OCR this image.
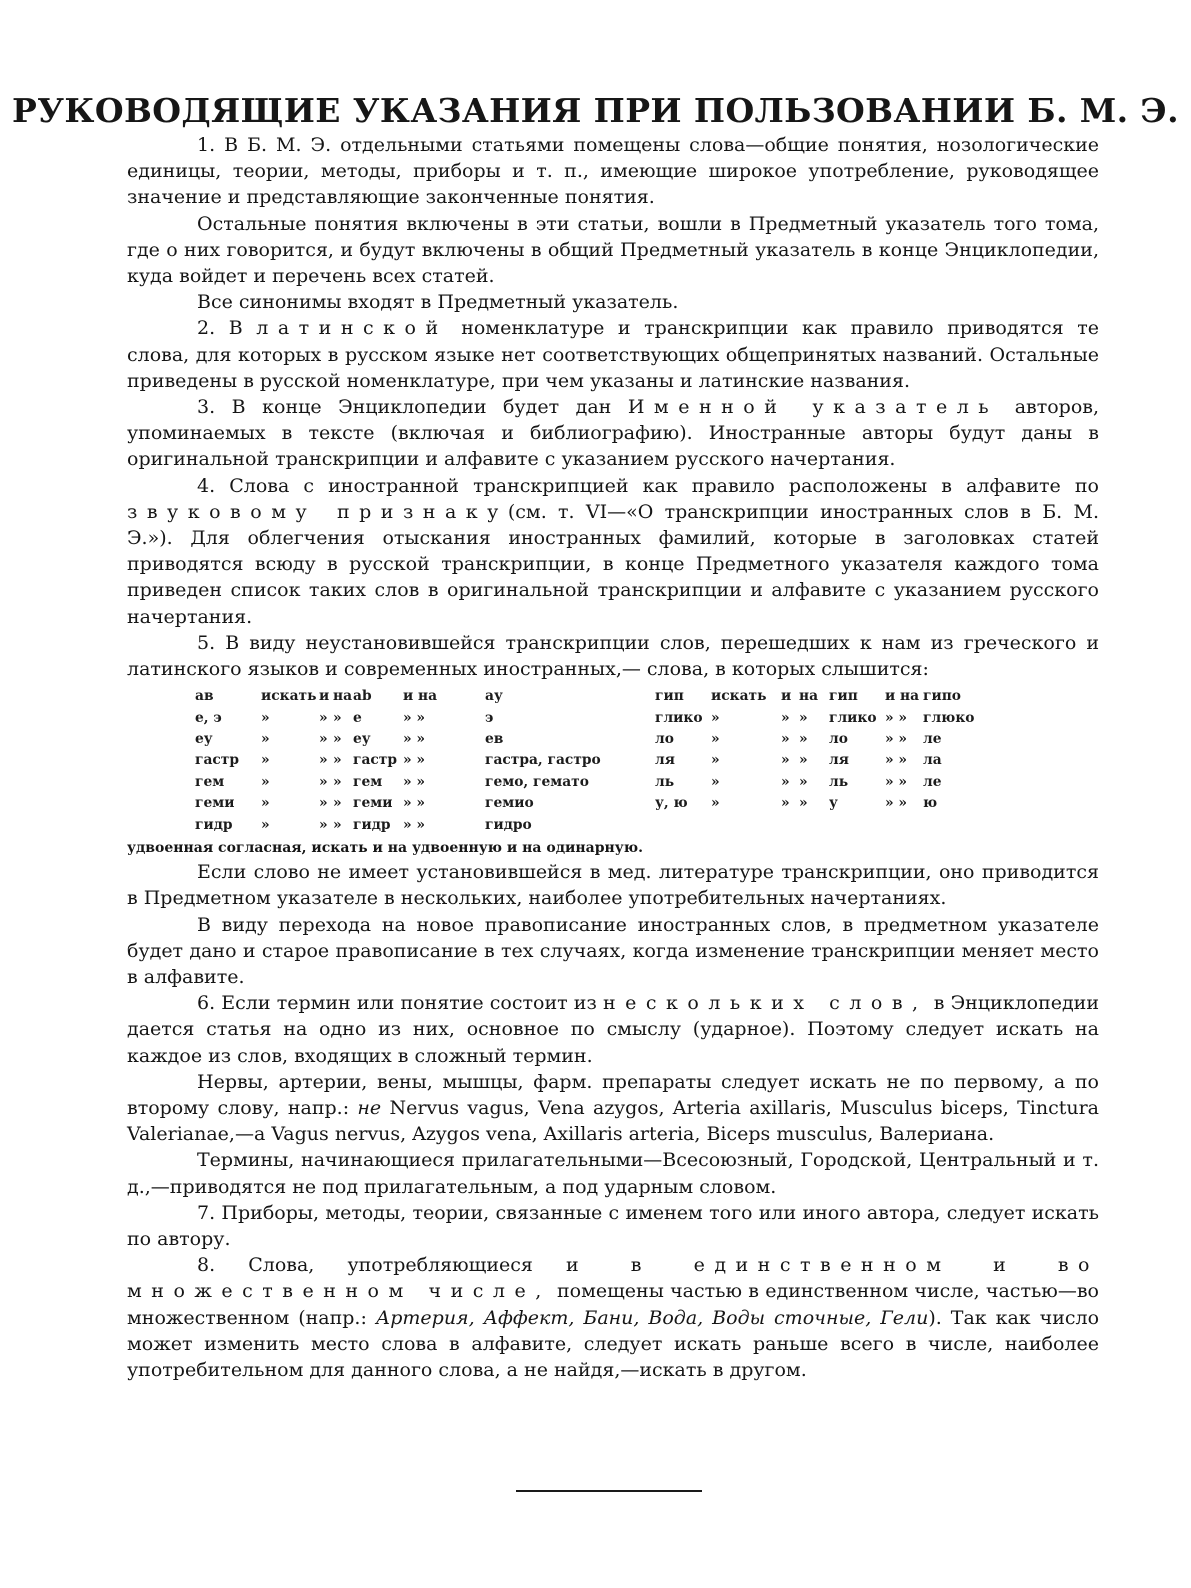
РУКОВОДЯЩИЕ УКАЗАНИЯ ПРИ ПОЛЬЗОВАНИИ Б. М. Э.

1. В Б. М. Э. отдельными статьями помещены слова—общие понятия, нозологические единицы, теории, методы, приборы и т. п., имеющие широкое употребление, руководящее значение и представляющие законченные понятия.

Остальные понятия включены в эти статьи, вошли в Предметный указатель того тома, где о них говорится, и будут включены в общий Предметный указатель в конце Энциклопедии, куда войдет и перечень всех статей.

Все синонимы входят в Предметный указатель.

2. В латинской номенклатуре и транскрипции как правило приводятся те слова, для которых в русском языке нет соответствующих общепринятых названий. Остальные приведены в русской номенклатуре, при чем указаны и латинские названия.

3. В конце Энциклопедии будет дан Именной указатель авторов, упоминаемых в тексте (включая и библиографию). Иностранные авторы будут даны в оригинальной транскрипции и алфавите с указанием русского начертания.

4. Слова с иностранной транскрипцией как правило расположены в алфавите по звуковому признаку(см. т. VI—«О транскрипции иностранных слов в Б. М. Э.»). Для облегчения отыскания иностранных фамилий, которые в заголовках статей приводятся всюду в русской транскрипции, в конце Предметного указателя каждого тома приведен список таких слов в оригинальной транскрипции и алфавите с указанием русского начертания.

5. В виду неустановившейся транскрипции слов, перешедших к нам из греческого и латинского языков и современных иностранных,— слова, в которых слышится:

ав	искать	и	на	аb	и на	ау	гип	искать	и	на	гип	и на	гипо
е, э	»	»	»	е	» »	э	глико	»	»	»	глико	» »	глюко
еу	»	»	»	еу	» »	ев	ло	»	»	»	ло	» »	ле
гастр	»	»	»	гастр	» »	гастра, гастро	ля	»	»	»	ля	» »	ла
гем	»	»	»	гем	» »	гемо, гемато	ль	»	»	»	ль	» »	ле
геми	»	»	»	геми	» »	гемио	у, ю	»	»	»	у	» »	ю
гидр	»	»	»	гидр	» »	гидро							

удвоенная согласная, искать и на удвоенную и на одинарную.

Если слово не имеет установившейся в мед. литературе транскрипции, оно приводится в Предметном указателе в нескольких, наиболее употребительных начертаниях.

В виду перехода на новое правописание иностранных слов, в предметном указателе будет дано и старое правописание в тех случаях, когда изменение транскрипции меняет место в алфавите.

6. Если термин или понятие состоит из нескольких слов, в Энциклопедии дается статья на одно из них, основное по смыслу (ударное). Поэтому следует искать на каждое из слов, входящих в сложный термин.

Нервы, артерии, вены, мышцы, фарм. препараты следует искать не по первому, а по второму слову, напр.: не Nervus vagus, Vena azygos, Arteria axillaris, Musculus biceps, Tinctura Valerianae,—а Vagus nervus, Azygos vena, Axillaris arteria, Biceps musculus, Валериана.

Термины, начинающиеся прилагательными—Всесоюзный, Городской, Центральный и т. д.,—приводятся не под прилагательным, а под ударным словом.

7. Приборы, методы, теории, связанные с именем того или иного автора, следует искать по автору.

8. Слова, употребляющиеся и в единственном и во множественном числе, помещены частью в единственном числе, частью—во множественном (напр.: Артерия, Аффект, Бани, Вода, Воды сточные, Гели). Так как число может изменить место слова в алфавите, следует искать раньше всего в числе, наиболее употребительном для данного слова, а не найдя,—искать в другом.
